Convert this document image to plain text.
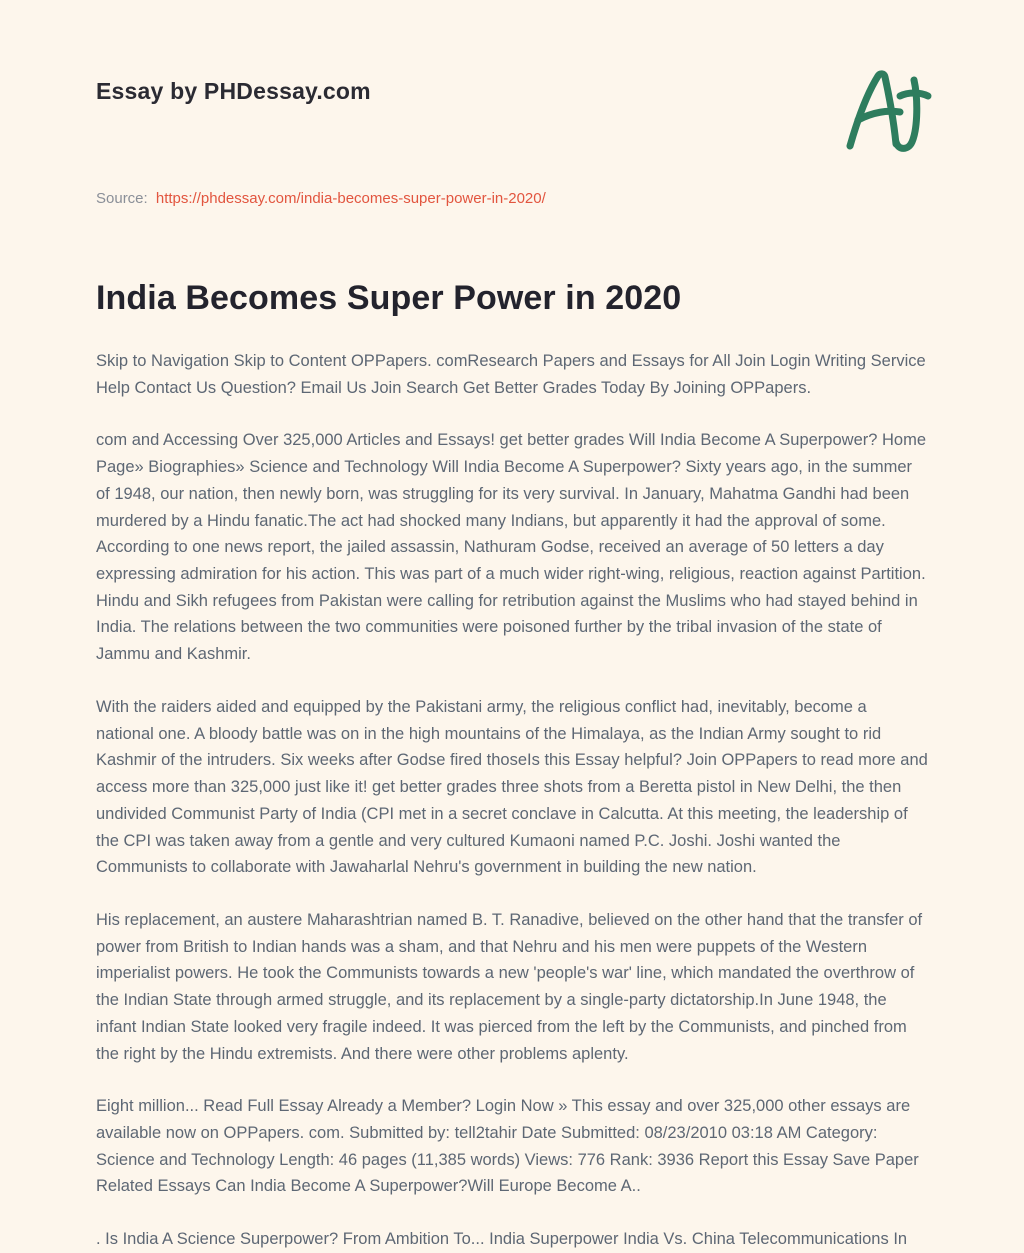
Essay by PHDessay.com
Source: https://phdessay.com/india-becomes-super-power-in-2020/
India Becomes Super Power in 2020

Skip to Navigation Skip to Content OPPapers. comResearch Papers and Essays for All Join Login Writing Service Help Contact Us Question? Email Us Join Search Get Better Grades Today By Joining OPPapers.

com and Accessing Over 325,000 Articles and Essays! get better grades Will India Become A Superpower? Home Page» Biographies» Science and Technology Will India Become A Superpower? Sixty years ago, in the summer of 1948, our nation, then newly born, was struggling for its very survival. In January, Mahatma Gandhi had been murdered by a Hindu fanatic.The act had shocked many Indians, but apparently it had the approval of some. According to one news report, the jailed assassin, Nathuram Godse, received an average of 50 letters a day expressing admiration for his action. This was part of a much wider right-wing, religious, reaction against Partition. Hindu and Sikh refugees from Pakistan were calling for retribution against the Muslims who had stayed behind in India. The relations between the two communities were poisoned further by the tribal invasion of the state of Jammu and Kashmir.

With the raiders aided and equipped by the Pakistani army, the religious conflict had, inevitably, become a national one. A bloody battle was on in the high mountains of the Himalaya, as the Indian Army sought to rid Kashmir of the intruders. Six weeks after Godse fired thoseIs this Essay helpful? Join OPPapers to read more and access more than 325,000 just like it! get better grades three shots from a Beretta pistol in New Delhi, the then undivided Communist Party of India (CPI met in a secret conclave in Calcutta. At this meeting, the leadership of the CPI was taken away from a gentle and very cultured Kumaoni named P.C. Joshi. Joshi wanted the Communists to collaborate with Jawaharlal Nehru's government in building the new nation.

His replacement, an austere Maharashtrian named B. T. Ranadive, believed on the other hand that the transfer of power from British to Indian hands was a sham, and that Nehru and his men were puppets of the Western imperialist powers. He took the Communists towards a new 'people's war' line, which mandated the overthrow of the Indian State through armed struggle, and its replacement by a single-party dictatorship.In June 1948, the infant Indian State looked very fragile indeed. It was pierced from the left by the Communists, and pinched from the right by the Hindu extremists. And there were other problems aplenty.

Eight million... Read Full Essay Already a Member? Login Now » This essay and over 325,000 other essays are available now on OPPapers. com. Submitted by: tell2tahir Date Submitted: 08/23/2010 03:18 AM Category: Science and Technology Length: 46 pages (11,385 words) Views: 776 Rank: 3936 Report this Essay Save Paper Related Essays Can India Become A Superpower?Will Europe Become A..

. Is India A Science Superpower? From Ambition To... India Superpower India Vs. China Telecommunications In
